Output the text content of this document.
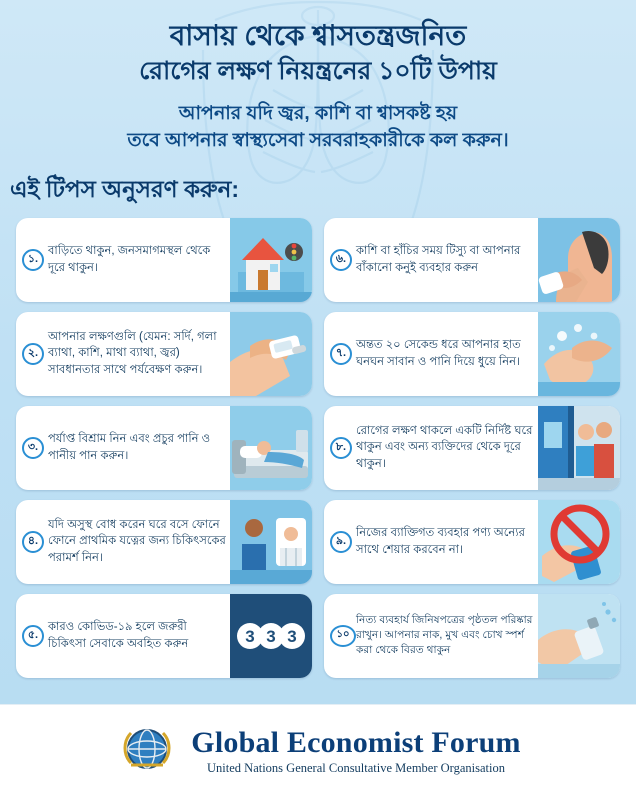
বাসায় থেকে শ্বাসতন্ত্রজনিত
রোগের লক্ষণ নিয়ন্ত্রনের ১০টি উপায়
আপনার যদি জ্বর, কাশি বা শ্বাসকষ্ট হয়
তবে আপনার স্বাস্থ্যসেবা সরবরাহকারীকে কল করুন।
এই টিপস অনুসরণ করুন:
১.
বাড়িতে থাকুন, জনসমাগমস্থল থেকে দূরে থাকুন।
৬.
কাশি বা হাঁচির সময় টিস্যু বা আপনার বাঁকানো কনুই ব্যবহার করুন
২.
আপনার লক্ষণগুলি (যেমন: সর্দি, গলা ব্যাথা, কাশি, মাথা ব্যাথা, জ্বর) সাবধানতার সাথে পর্যবেক্ষণ করুন।
৭.
অন্তত ২০ সেকেন্ড ধরে আপনার হাত ঘনঘন সাবান ও পানি দিয়ে ধুয়ে নিন।
৩.
পর্যাপ্ত বিশ্রাম নিন এবং প্রচুর পানি ও পানীয় পান করুন।
৮.
রোগের লক্ষণ থাকলে একটি নির্দিষ্ট ঘরে থাকুন এবং অন্য ব্যক্তিদের থেকে দূরে থাকুন।
৪.
যদি অসুস্থ বোধ করেন ঘরে বসে ফোনে ফোনে প্রাথমিক যত্নের জন্য চিকিৎসকের পরামর্শ নিন।
৯.
নিজের ব্যাক্তিগত ব্যবহার পণ্য অন্যের সাথে শেয়ার করবেন না।
৫.
কারও কোভিড-১৯ হলে জরুরী চিকিৎসা সেবাকে অবহিত করুন	3 3 3	১০
নিত্য ব্যবহার্য জিনিষপত্রের পৃষ্ঠতল পরিষ্কার রাখুন। আপনার নাক, মুখ এবং চোখ স্পর্শ করা থেকে বিরত থাকুন
Global Economist Forum
United Nations General Consultative Member Organisation
